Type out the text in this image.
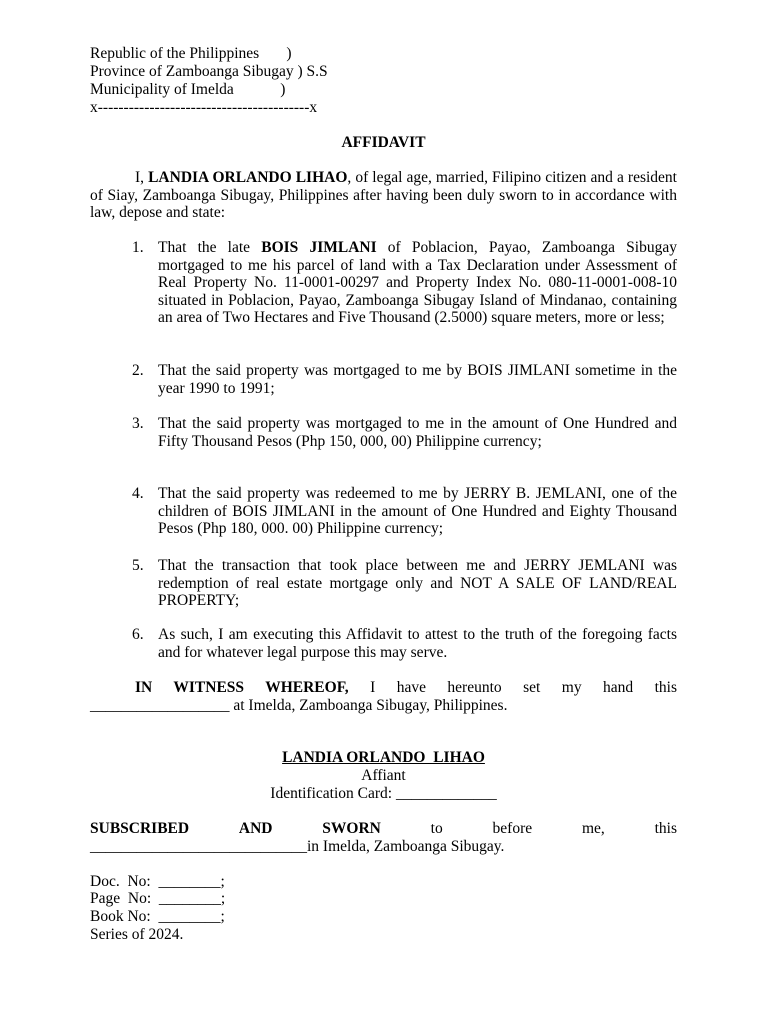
Republic of the Philippines       )
Province of Zamboanga Sibugay ) S.S
Municipality of Imelda            )
x-----------------------------------------x
AFFIDAVIT
I, LANDIA ORLANDO LIHAO, of legal age, married, Filipino citizen and a resident of Siay, Zamboanga Sibugay, Philippines after having been duly sworn to in accordance with law, depose and state:
1. That the late BOIS JIMLANI of Poblacion, Payao, Zamboanga Sibugay mortgaged to me his parcel of land with a Tax Declaration under Assessment of Real Property No. 11-0001-00297 and Property Index No. 080-11-0001-008-10 situated in Poblacion, Payao, Zamboanga Sibugay Island of Mindanao, containing an area of Two Hectares and Five Thousand (2.5000) square meters, more or less;
2. That the said property was mortgaged to me by BOIS JIMLANI sometime in the year 1990 to 1991;
3. That the said property was mortgaged to me in the amount of One Hundred and Fifty Thousand Pesos (Php 150, 000, 00) Philippine currency;
4. That the said property was redeemed to me by JERRY B. JEMLANI, one of the children of BOIS JIMLANI in the amount of One Hundred and Eighty Thousand Pesos (Php 180, 000. 00) Philippine currency;
5. That the transaction that took place between me and JERRY JEMLANI was redemption of real estate mortgage only and NOT A SALE OF LAND/REAL PROPERTY;
6. As such, I am executing this Affidavit to attest to the truth of the foregoing facts and for whatever legal purpose this may serve.
IN WITNESS WHEREOF, I have hereunto set my hand this
__________________ at Imelda, Zamboanga Sibugay, Philippines.
LANDIA ORLANDO  LIHAO
Affiant
Identification Card: _____________
SUBSCRIBED	AND	SWORN	to	before	me,	this
____________________________in Imelda, Zamboanga Sibugay.
Doc.  No:  ________;
Page  No:  ________;
Book No:  ________;
Series of 2024.
